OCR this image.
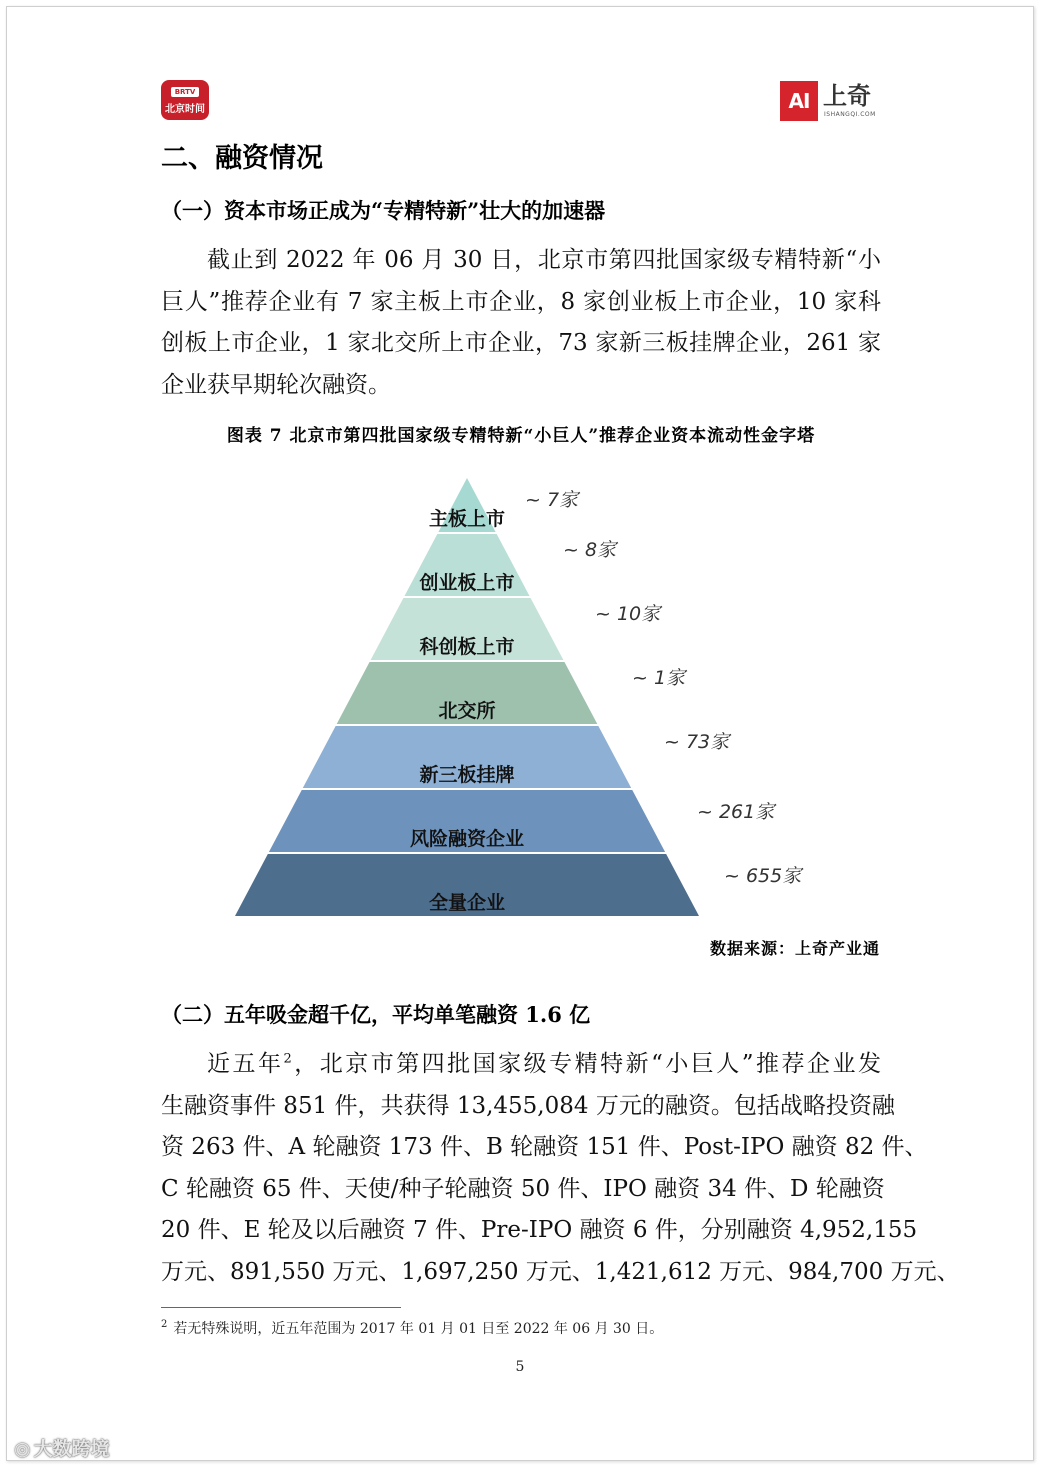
BRTV
北京时间	AI 上奇
ISHANGQI.COM
二、融资情况
（一）资本市场正成为“专精特新”壮大的加速器
截止到 2022 年 06 月 30 日，北京市第四批国家级专精特新“小
巨人”推荐企业有 7 家主板上市企业，8 家创业板上市企业，10 家科
创板上市企业，1 家北交所上市企业，73 家新三板挂牌企业，261 家
企业获早期轮次融资。
图表 7 北京市第四批国家级专精特新“小巨人”推荐企业资本流动性金字塔
主板上市
~ 7家
创业板上市
~ 8家
科创板上市
~ 10家
北交所
~ 1家
新三板挂牌
~ 73家
风险融资企业
~ 261家
全量企业
~ 655家
数据来源：上奇产业通
（二）五年吸金超千亿，平均单笔融资 1.6 亿
近五年$^2$，北京市第四批国家级专精特新“小巨人”推荐企业发
生融资事件 851 件，共获得 13,455,084 万元的融资。包括战略投资融
资 263 件、A 轮融资 173 件、B 轮融资 151 件、Post-IPO 融资 82 件、
C 轮融资 65 件、天使/种子轮融资 50 件、IPO 融资 34 件、D 轮融资
20 件、E 轮及以后融资 7 件、Pre-IPO 融资 6 件，分别融资 4,952,155
万元、891,550 万元、1,697,250 万元、1,421,612 万元、984,700 万元、
$^2$ 若无特殊说明，近五年范围为 2017 年 01 月 01 日至 2022 年 06 月 30 日。
5
◎ 大数跨境
